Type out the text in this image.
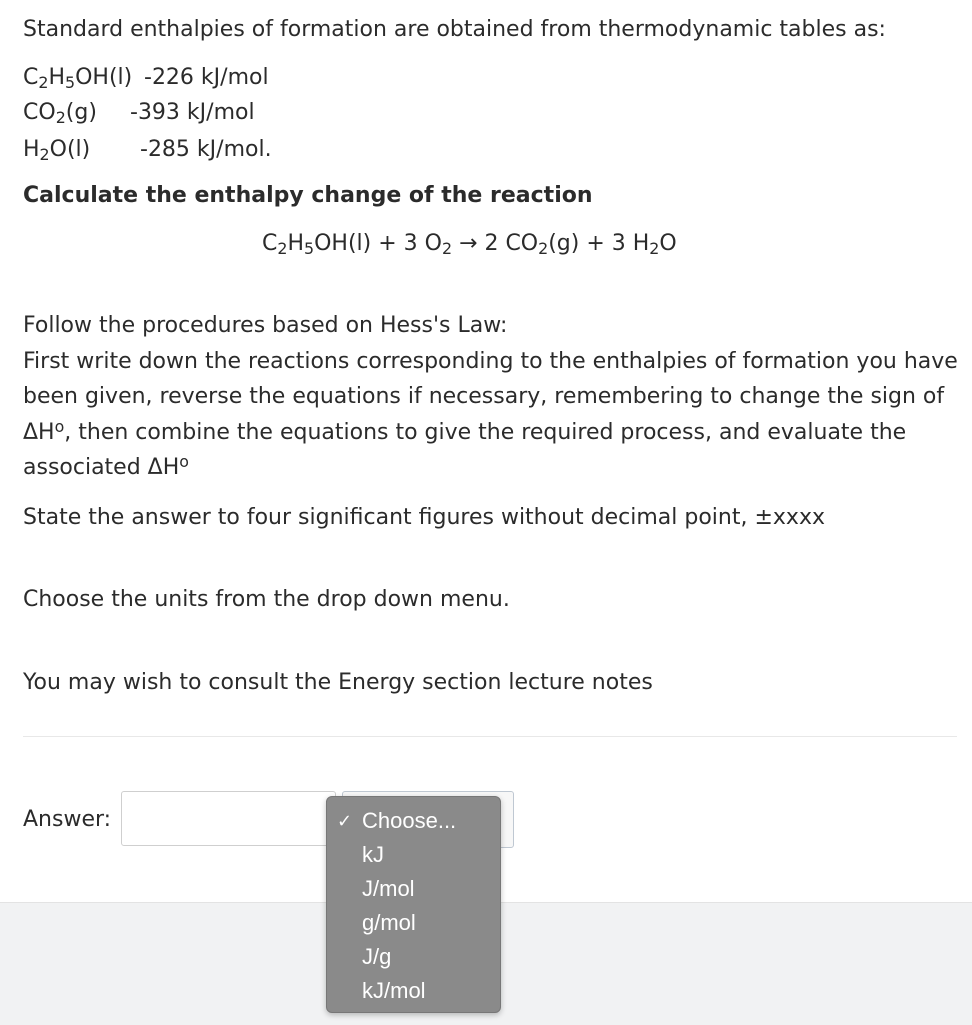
Standard enthalpies of formation are obtained from thermodynamic tables as:
$C_2H_5OH(l)$ -226 kJ/mol
$CO_2(g)$ -393 kJ/mol
$H_2O(l)$ -285 kJ/mol.
Calculate the enthalpy change of the reaction
$C_2H_5OH(l) + 3$ $O_2 \to 2$ $CO_2(g) + 3$ $H_2O$
Follow the procedures based on Hess's Law:
First write down the reactions corresponding to the enthalpies of formation you have been given, reverse the equations if necessary, remembering to change the sign of $\Delta H^o$, then combine the equations to give the required process, and evaluate the associated $\Delta H^o$
State the answer to four significant figures without decimal point, ±xxxx
Choose the units from the drop down menu.
You may wish to consult the Energy section lecture notes
Answer:	✓ Choose...
kJ
J/mol
g/mol
J/g
kJ/mol
